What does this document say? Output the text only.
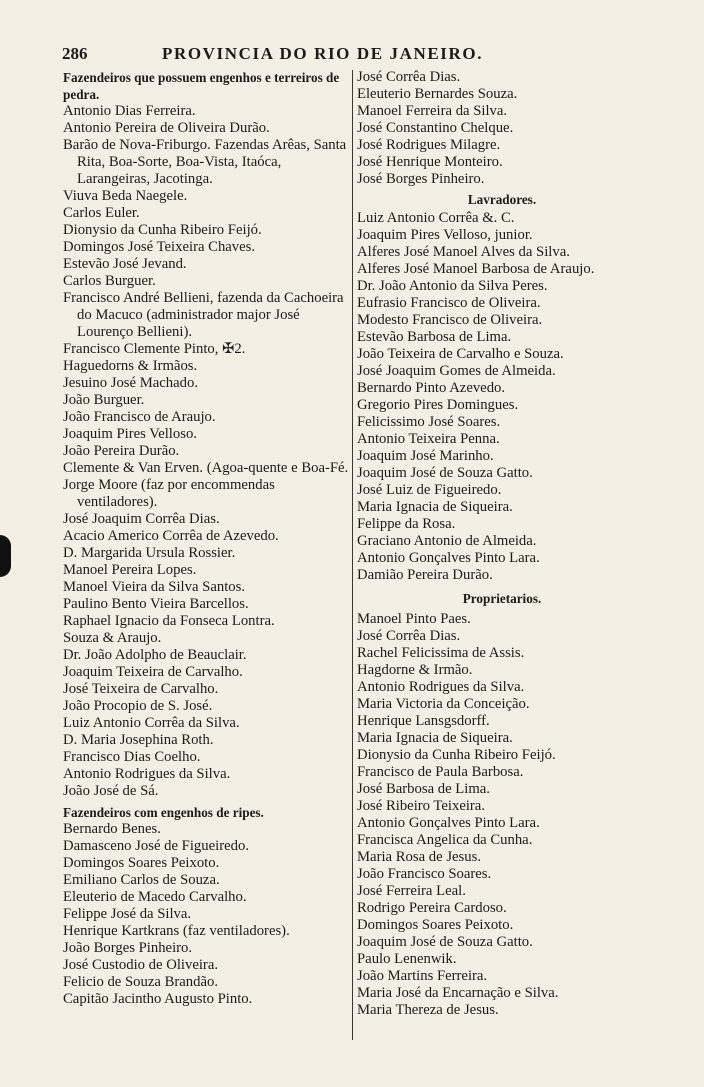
286	PROVINCIA DO RIO DE JANEIRO.
Fazendeiros que possuem engenhos e terreiros de pedra.
Antonio Dias Ferreira.
Antonio Pereira de Oliveira Durão.
Barão de Nova-Friburgo. Fazendas Arêas, Santa Rita, Boa-Sorte, Boa-Vista, Itaóca, Larangeiras, Jacotinga.
Viuva Beda Naegele.
Carlos Euler.
Dionysio da Cunha Ribeiro Feijó.
Domingos José Teixeira Chaves.
Estevão José Jevand.
Carlos Burguer.
Francisco André Bellieni, fazenda da Cachoeira do Macuco (administrador major José Lourenço Bellieni).
Francisco Clemente Pinto, ✠2.
Haguedorns & Irmãos.
Jesuino José Machado.
João Burguer.
João Francisco de Araujo.
Joaquim Pires Velloso.
João Pereira Durão.
Clemente & Van Erven. (Agoa-quente e Boa-Fé.
Jorge Moore (faz por encommendas ventiladores).
José Joaquim Corrêa Dias.
Acacio Americo Corrêa de Azevedo.
D. Margarida Ursula Rossier.
Manoel Pereira Lopes.
Manoel Vieira da Silva Santos.
Paulino Bento Vieira Barcellos.
Raphael Ignacio da Fonseca Lontra.
Souza & Araujo.
Dr. João Adolpho de Beauclair.
Joaquim Teixeira de Carvalho.
José Teixeira de Carvalho.
João Procopio de S. José.
Luiz Antonio Corrêa da Silva.
D. Maria Josephina Roth.
Francisco Dias Coelho.
Antonio Rodrigues da Silva.
João José de Sá.
Fazendeiros com engenhos de ripes.
Bernardo Benes.
Damasceno José de Figueiredo.
Domingos Soares Peixoto.
Emiliano Carlos de Souza.
Eleuterio de Macedo Carvalho.
Felippe José da Silva.
Henrique Kartkrans (faz ventiladores).
João Borges Pinheiro.
José Custodio de Oliveira.
Felicio de Souza Brandão.
Capitão Jacintho Augusto Pinto.
José Corrêa Dias.
Eleuterio Bernardes Souza.
Manoel Ferreira da Silva.
José Constantino Chelque.
José Rodrigues Milagre.
José Henrique Monteiro.
José Borges Pinheiro.
Lavradores.
Luiz Antonio Corrêa &. C.
Joaquim Pires Velloso, junior.
Alferes José Manoel Alves da Silva.
Alferes José Manoel Barbosa de Araujo.
Dr. João Antonio da Silva Peres.
Eufrasio Francisco de Oliveira.
Modesto Francisco de Oliveira.
Estevão Barbosa de Lima.
João Teixeira de Carvalho e Souza.
José Joaquim Gomes de Almeida.
Bernardo Pinto Azevedo.
Gregorio Pires Domingues.
Felicissimo José Soares.
Antonio Teixeira Penna.
Joaquim José Marinho.
Joaquim José de Souza Gatto.
José Luiz de Figueiredo.
Maria Ignacia de Siqueira.
Felippe da Rosa.
Graciano Antonio de Almeida.
Antonio Gonçalves Pinto Lara.
Damião Pereira Durão.
Proprietarios.
Manoel Pinto Paes.
José Corrêa Dias.
Rachel Felicissima de Assis.
Hagdorne & Irmão.
Antonio Rodrigues da Silva.
Maria Victoria da Conceição.
Henrique Lansgsdorff.
Maria Ignacia de Siqueira.
Dionysio da Cunha Ribeiro Feijó.
Francisco de Paula Barbosa.
José Barbosa de Lima.
José Ribeiro Teixeira.
Antonio Gonçalves Pinto Lara.
Francisca Angelica da Cunha.
Maria Rosa de Jesus.
João Francisco Soares.
José Ferreira Leal.
Rodrigo Pereira Cardoso.
Domingos Soares Peixoto.
Joaquim José de Souza Gatto.
Paulo Lenenwik.
João Martins Ferreira.
Maria José da Encarnação e Silva.
Maria Thereza de Jesus.
